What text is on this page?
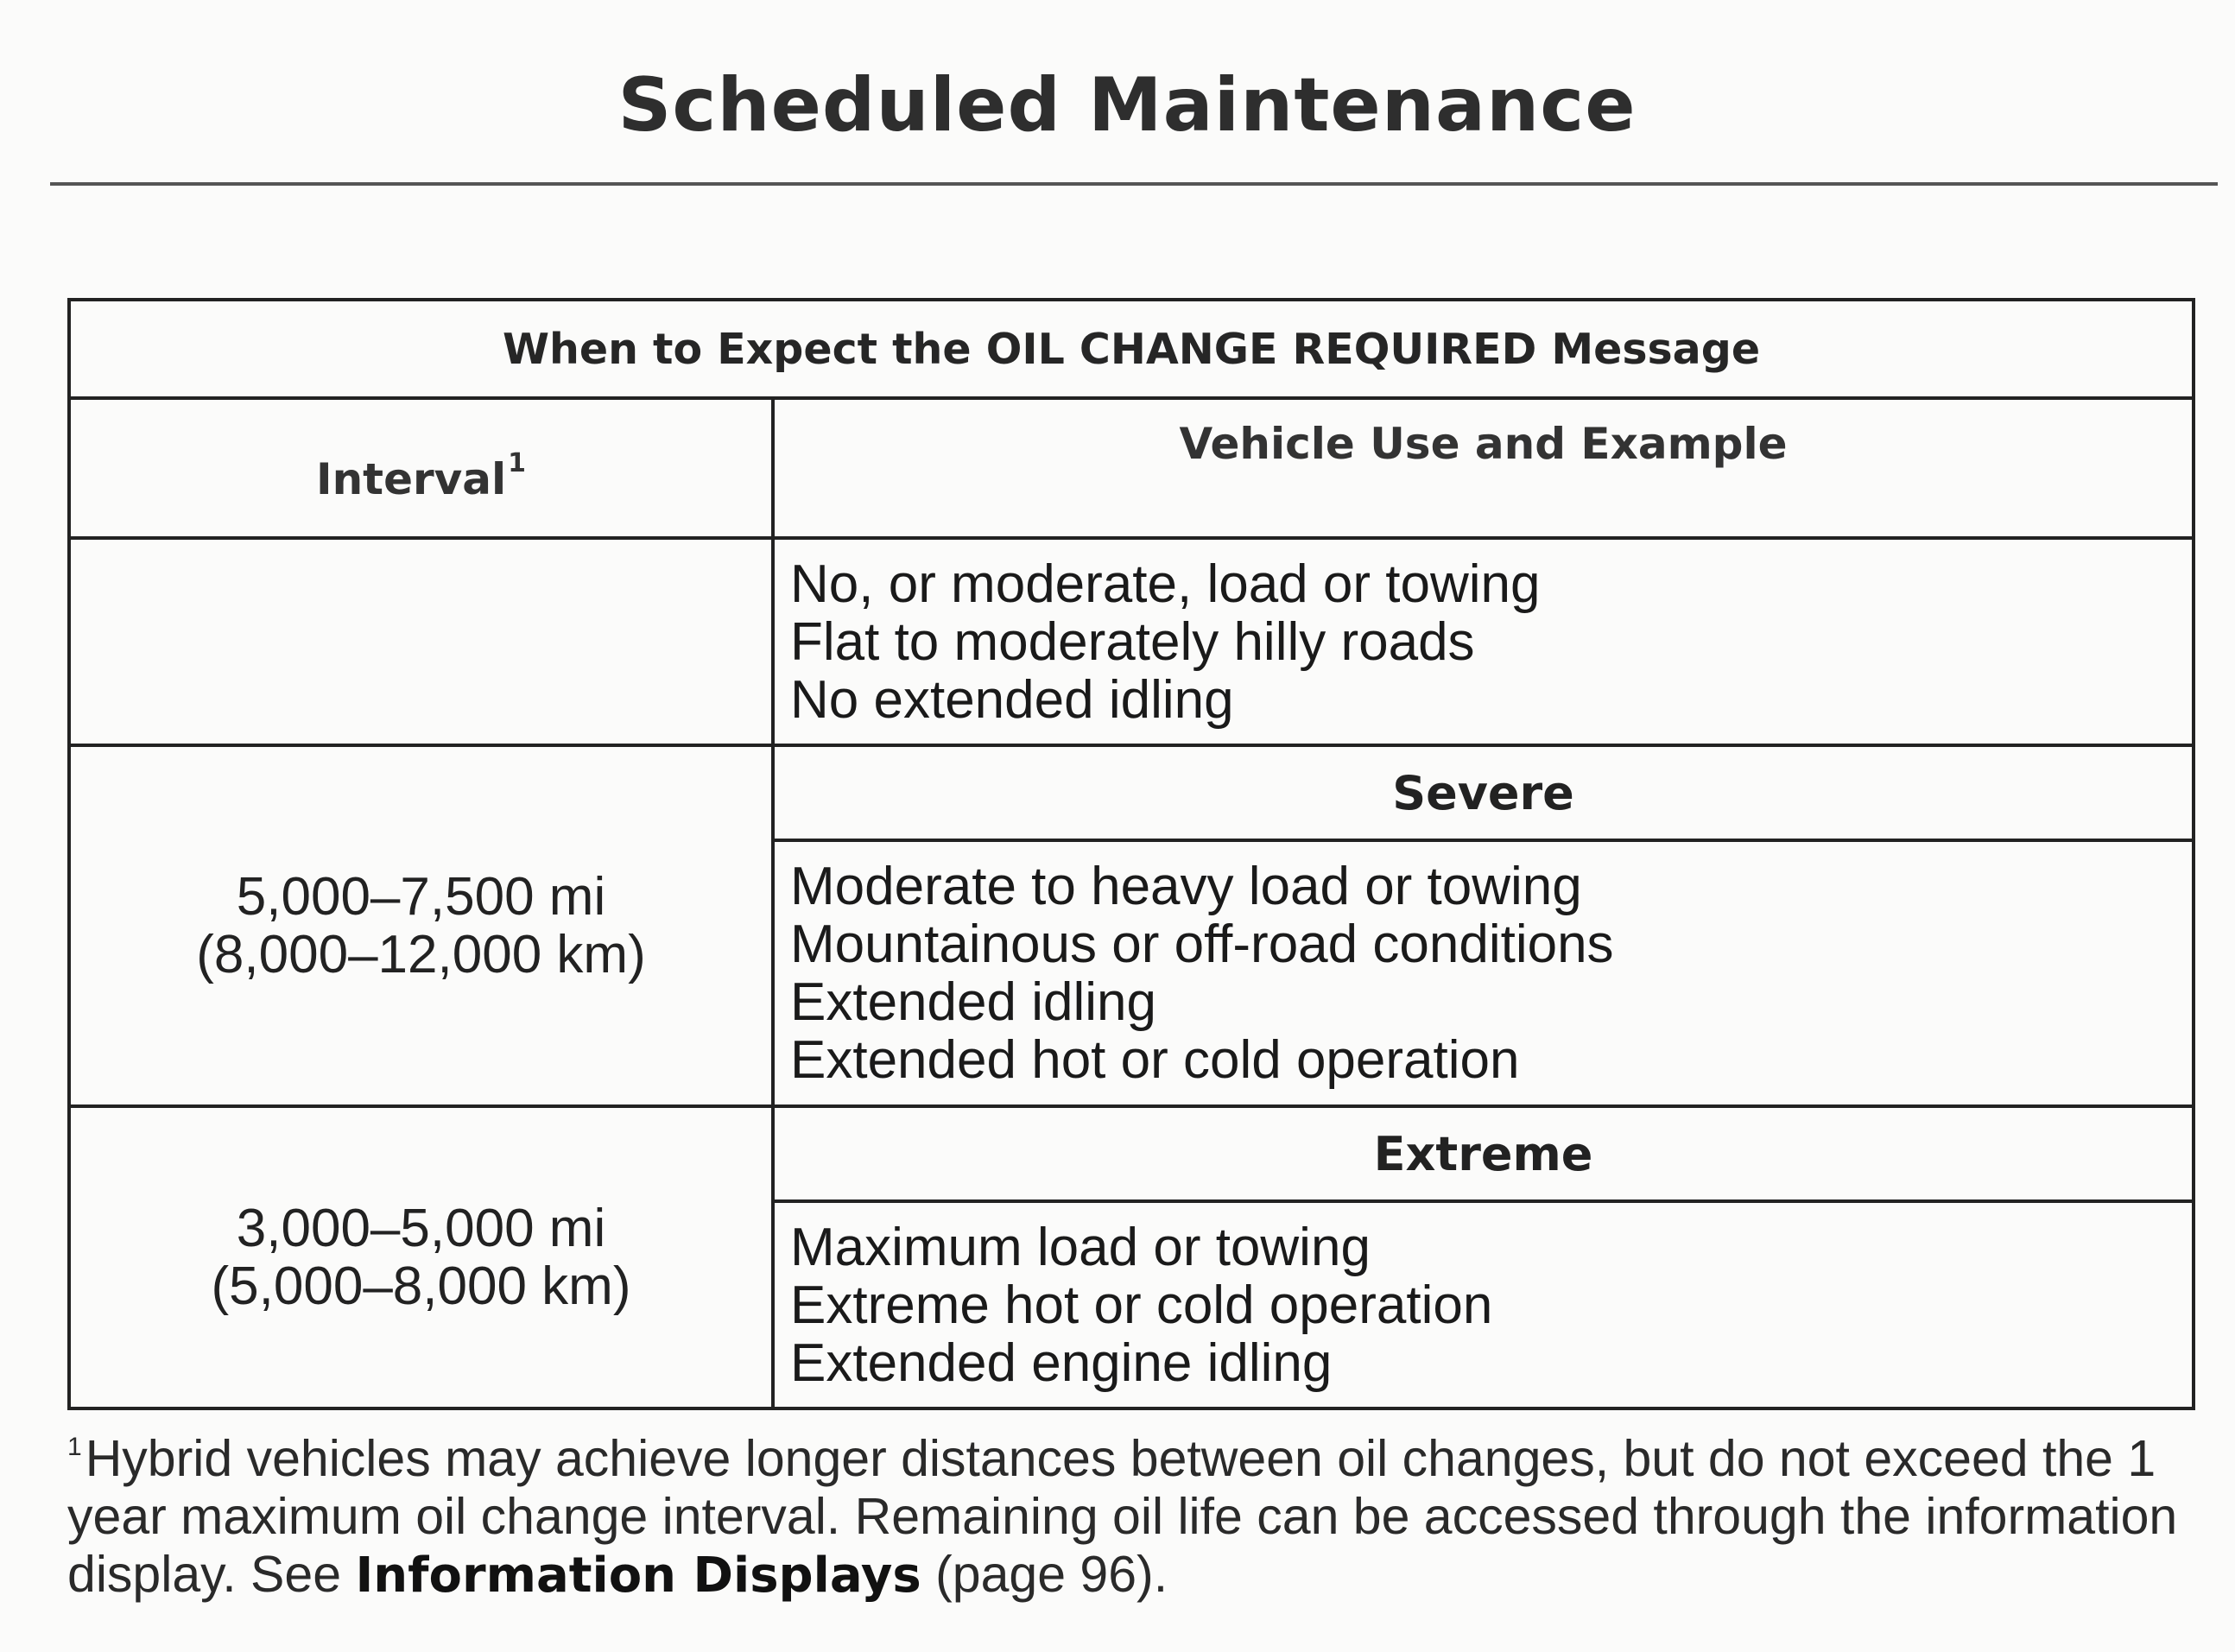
Scheduled Maintenance
When to Expect the OIL CHANGE REQUIRED Message	
Interval$^1$	Vehicle Use and Example

	No, or moderate, load or towing
Flat to moderately hilly roads
No extended idling

5,000–7,500 mi
(8,000–12,000 km)	Severe

	Moderate to heavy load or towing
Mountainous or off-road conditions
Extended idling
Extended hot or cold operation

3,000–5,000 mi
(5,000–8,000 km)	Extreme

	Maximum load or towing
Extreme hot or cold operation
Extended engine idling
$^1$Hybrid vehicles may achieve longer distances between oil changes, but do not exceed the 1 year maximum oil change interval. Remaining oil life can be accessed through the information display. See Information Displays (page 96).
